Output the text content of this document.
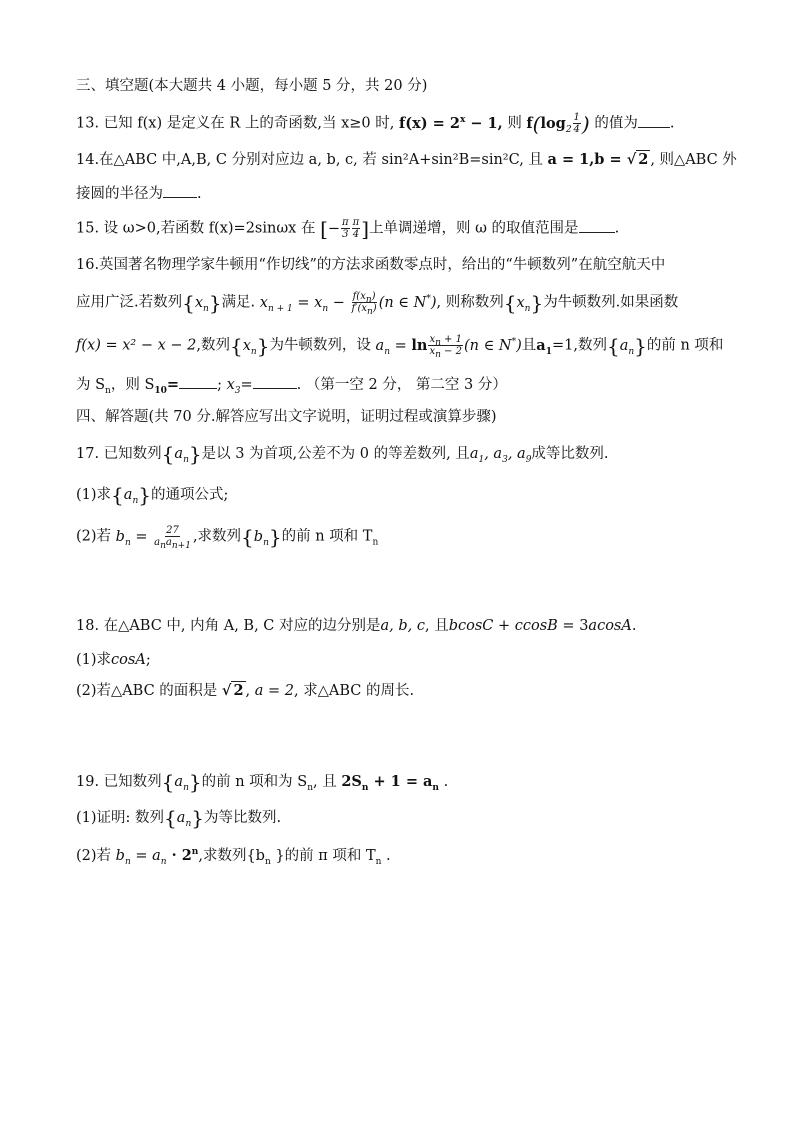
三、填空题(本大题共 4 小题，每小题 5 分，共 20 分)
13. 已知 f(x) 是定义在 R 上的奇函数,当 x≥0 时, $f(x) = 2^x - 1$, 则 $f(\log_2 \frac{1}{4}$ ) 的值为 .
14.在△ABC 中,A,B, C 分别对应边 a, b, c, 若 sin²A+sin²B=sin²C, 且 a = 1,b = √ 2 , 则△ABC 外
接圆的半径为 .
15. 设 ω>0,若函数 f(x)=2sinωx 在 [− $\frac{\pi}{3} \frac{\pi}{4}$ ]上单调递增，则 ω 的取值范围是 .
16.英国著名物理学家牛顿用“作切线”的方法求函数零点时，给出的“牛顿数列”在航空航天中
应用广泛.若数列$\{x_n\}$满足. $x_{n + 1} = x_n - \frac{f(x_n)}{f'(x_n)} (n$ ∈ N*), 则称数列$\{x_n\}$为牛顿数列.如果函数
f(x) = x² − x − 2,数列$\{x_n\}$为牛顿数列，设 $a_n = \ln \frac{x_n + 1}{x_n - 2} (n$ ∈ N*)且$a_1=1$,数列$\{a_n\}$的前 n 项和
为 $S_n$，则 $S_{10}=$	; $x_3=$	. （第一空 2 分， 第二空 3 分）
四、解答题(共 70 分.解答应写出文字说明，证明过程或演算步骤)
17. 已知数列$\{a_n\}$是以 3 为首项,公差不为 0 的等差数列, 且$a_1$, $a_3$, $a_9$成等比数列.
(1)求$\{a_n\}$的通项公式;
(2)若 $b_n = \frac{27}{a_na_{n+1}}$ ,求数列$\{b_n\}$的前 n 项和 $T_n$
18. 在△ABC 中, 内角 A, B, C 对应的边分别是a, b, c, 且bcosC + ccosB = 3acosA.
(1)求cosA;
(2)若△ABC 的面积是 √ 2 , a = 2, 求△ABC 的周长.
19. 已知数列$\{a_n\}$的前 n 项和为 $S_n$, 且 $2S_n + 1 = a_n$ .
(1)证明: 数列$\{a_n\}$为等比数列.
(2)若 $b_n = a_n \cdot 2^n$,求数列{$b_n$ }的前 π 项和 $T_n$ .
